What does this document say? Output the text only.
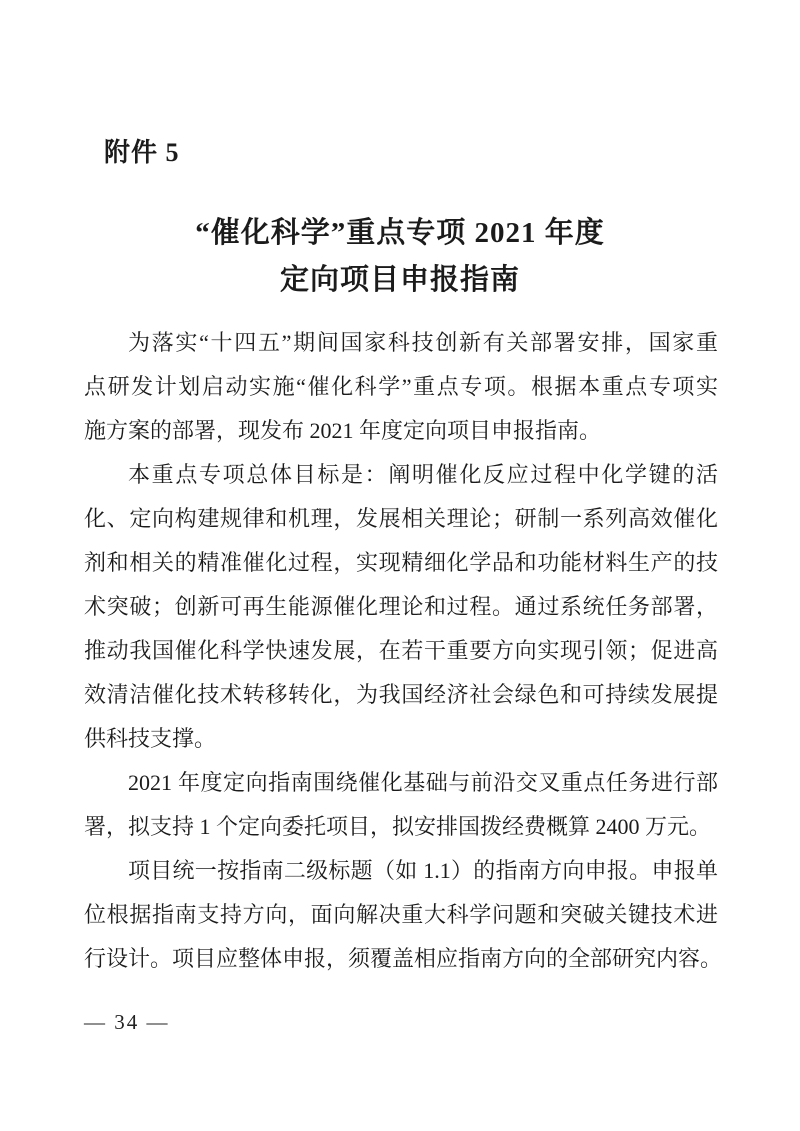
附件 5
“催化科学”重点专项 2021 年度
定向项目申报指南
为落实“十四五”期间国家科技创新有关部署安排，国家重
点研发计划启动实施“催化科学”重点专项。根据本重点专项实
施方案的部署，现发布 2021 年度定向项目申报指南。
本重点专项总体目标是：阐明催化反应过程中化学键的活
化、定向构建规律和机理，发展相关理论；研制一系列高效催化
剂和相关的精准催化过程，实现精细化学品和功能材料生产的技
术突破；创新可再生能源催化理论和过程。通过系统任务部署，
推动我国催化科学快速发展，在若干重要方向实现引领；促进高
效清洁催化技术转移转化，为我国经济社会绿色和可持续发展提
供科技支撑。
2021 年度定向指南围绕催化基础与前沿交叉重点任务进行部
署，拟支持 1 个定向委托项目，拟安排国拨经费概算 2400 万元。
项目统一按指南二级标题（如 1.1）的指南方向申报。申报单
位根据指南支持方向，面向解决重大科学问题和突破关键技术进
行设计。项目应整体申报，须覆盖相应指南方向的全部研究内容。
— 34 —
